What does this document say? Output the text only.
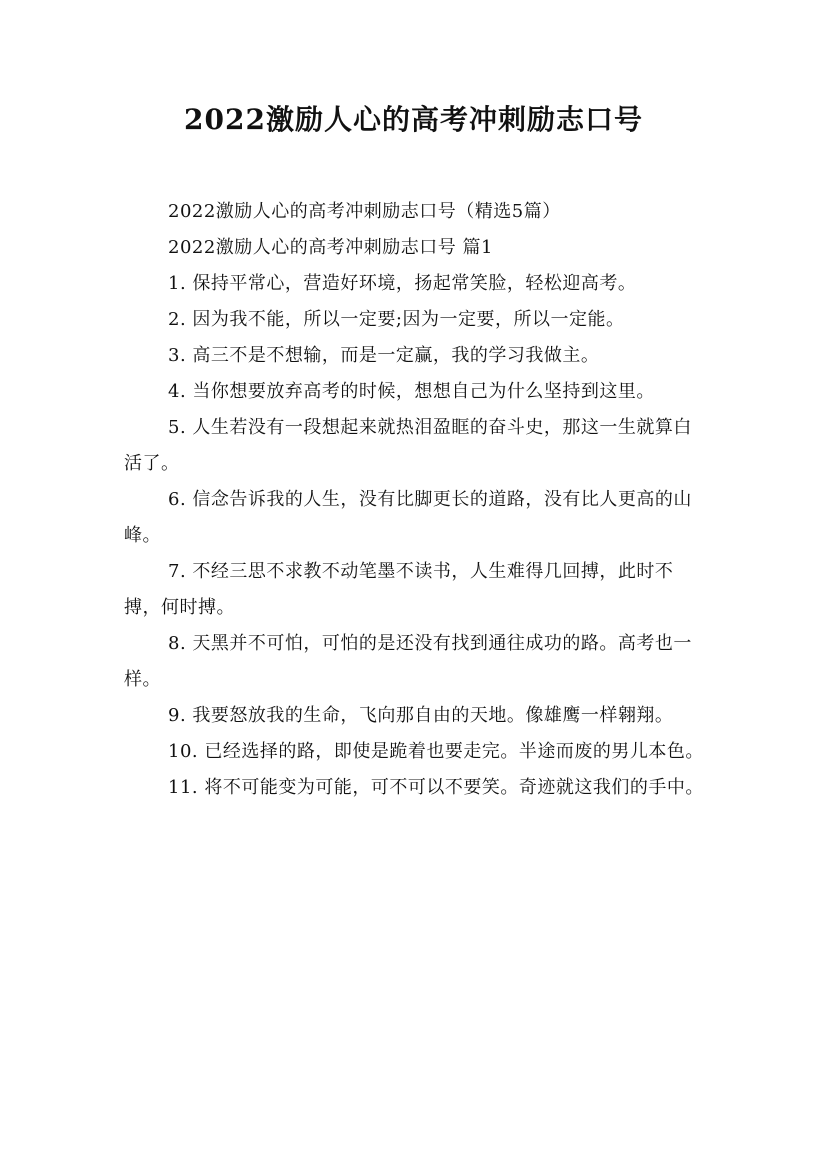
2022激励人心的高考冲刺励志口号

2022激励人心的高考冲刺励志口号（精选5篇）

2022激励人心的高考冲刺励志口号 篇1

1. 保持平常心，营造好环境，扬起常笑脸，轻松迎高考。

2. 因为我不能，所以一定要;因为一定要，所以一定能。

3. 高三不是不想输，而是一定赢，我的学习我做主。

4. 当你想要放弃高考的时候，想想自己为什么坚持到这里。

5. 人生若没有一段想起来就热泪盈眶的奋斗史，那这一生就算白活了。

6. 信念告诉我的人生，没有比脚更长的道路，没有比人更高的山峰。

7. 不经三思不求教不动笔墨不读书，人生难得几回搏，此时不搏，何时搏。

8. 天黑并不可怕，可怕的是还没有找到通往成功的路。高考也一样。

9. 我要怒放我的生命，飞向那自由的天地。像雄鹰一样翱翔。

10. 已经选择的路，即使是跪着也要走完。半途而废的男儿本色。

11. 将不可能变为可能，可不可以不要笑。奇迹就这我们的手中。
